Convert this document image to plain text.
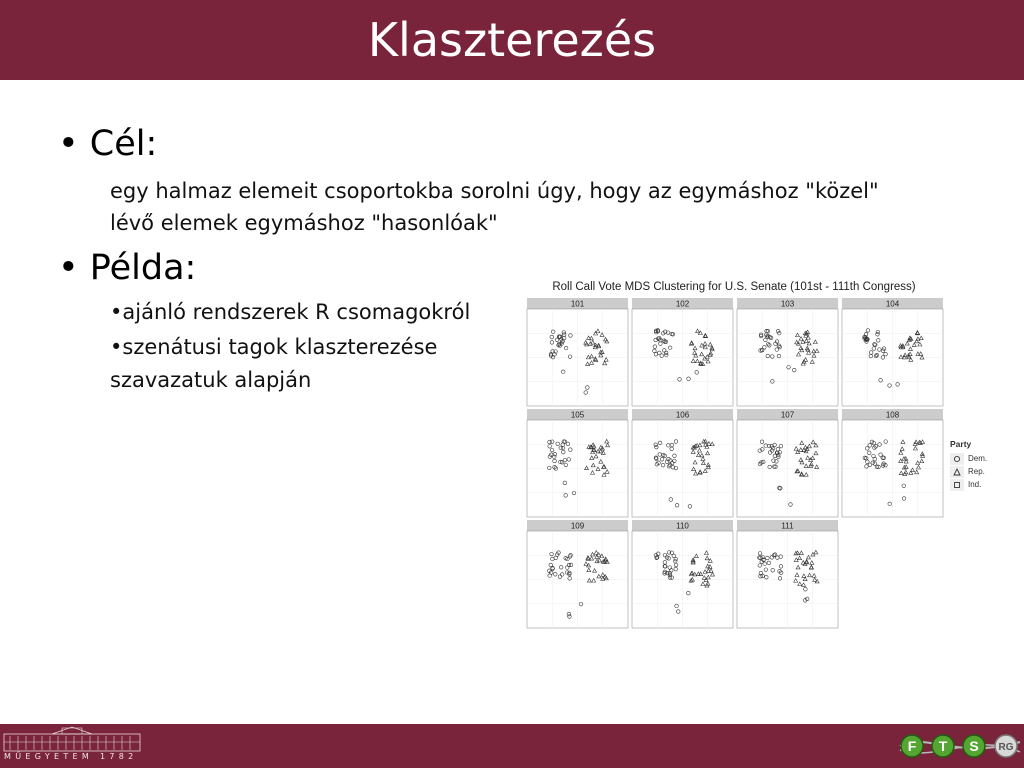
Klaszterezés
• Cél:
egy halmaz elemeit csoportokba sorolni úgy, hogy az egymáshoz "közel"
lévő elemek egymáshoz "hasonlóak"
• Példa:
•ajánló rendszerek R csomagokról
•szenátusi tagok klaszterezése
szavazatuk alapján
Roll Call Vote MDS Clustering for U.S. Senate (101st - 111th Congress)
101	102	103	104
105	106	107	108
109	110	111
Party
Dem.
Rep.
Ind.
MŰEGYETEM 1782
F T S RG
